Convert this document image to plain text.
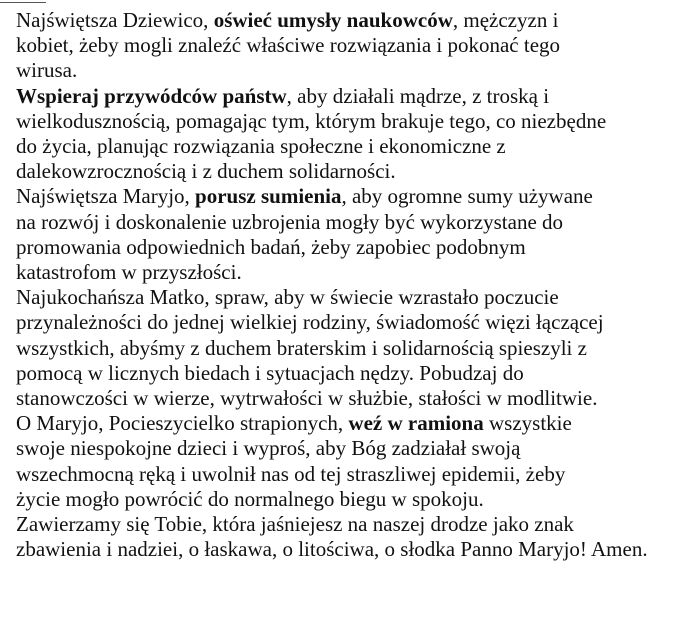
Najświętsza Dziewico, oświeć umysły naukowców, mężczyzn i
kobiet, żeby mogli znaleźć właściwe rozwiązania i pokonać tego
wirusa.
Wspieraj przywódców państw, aby działali mądrze, z troską i
wielkodusznością, pomagając tym, którym brakuje tego, co niezbędne
do życia, planując rozwiązania społeczne i ekonomiczne z
dalekowzrocznością i z duchem solidarności.
Najświętsza Maryjo, porusz sumienia, aby ogromne sumy używane
na rozwój i doskonalenie uzbrojenia mogły być wykorzystane do
promowania odpowiednich badań, żeby zapobiec podobnym
katastrofom w przyszłości.
Najukochańsza Matko, spraw, aby w świecie wzrastało poczucie
przynależności do jednej wielkiej rodziny, świadomość więzi łączącej
wszystkich, abyśmy z duchem braterskim i solidarnością spieszyli z
pomocą w licznych biedach i sytuacjach nędzy. Pobudzaj do
stanowczości w wierze, wytrwałości w służbie, stałości w modlitwie.
O Maryjo, Pocieszycielko strapionych, weź w ramiona wszystkie
swoje niespokojne dzieci i wyproś, aby Bóg zadziałał swoją
wszechmocną ręką i uwolnił nas od tej straszliwej epidemii, żeby
życie mogło powrócić do normalnego biegu w spokoju.
Zawierzamy się Tobie, która jaśniejesz na naszej drodze jako znak
zbawienia i nadziei, o łaskawa, o litościwa, o słodka Panno Maryjo! Amen.
